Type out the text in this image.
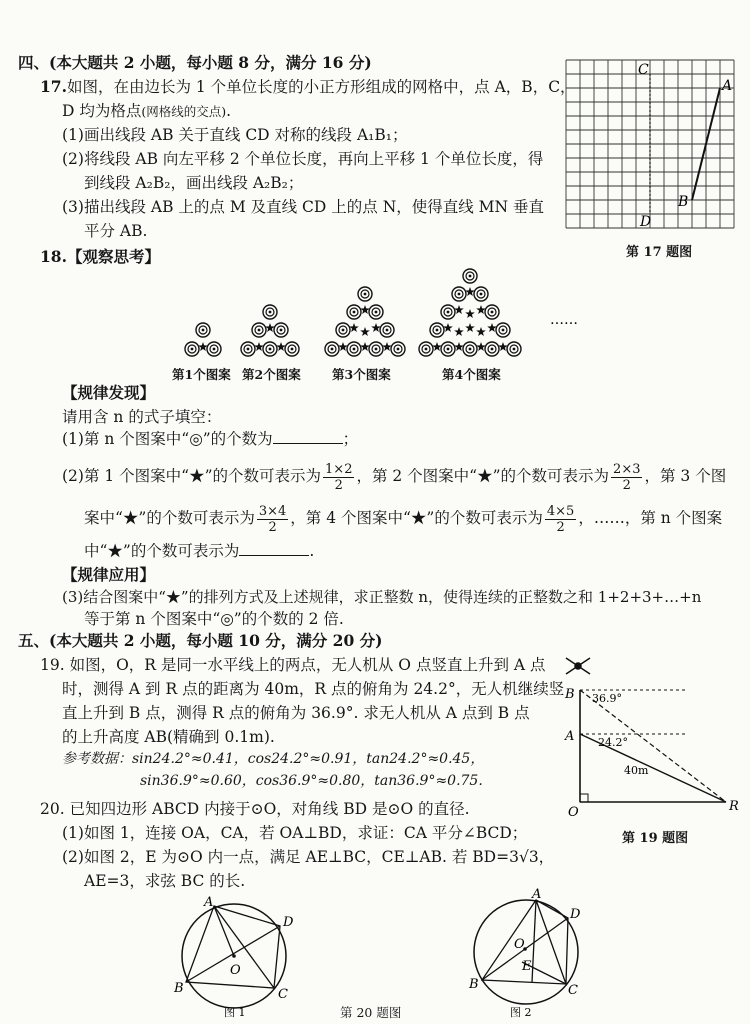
四、(本大题共 2 小题，每小题 8 分，满分 16 分)
17.如图，在由边长为 1 个单位长度的小正方形组成的网格中，点 A，B，C，
D 均为格点(网格线的交点).
(1)画出线段 AB 关于直线 CD 对称的线段 A₁B₁；
(2)将线段 AB 向左平移 2 个单位长度，再向上平移 1 个单位长度，得
到线段 A₂B₂，画出线段 A₂B₂；
(3)描出线段 AB 上的点 M 及直线 CD 上的点 N，使得直线 MN 垂直
平分 AB.
C
A
B
D
第 17 题图
18.【观察思考】
……
第1个图案 第2个图案	第3个图案	第4个图案
【规律发现】
请用含 n 的式子填空：
(1)第 n 个图案中“◎”的个数为	；
(2)第 1 个图案中“★”的个数可表示为 $\frac{1\times 2}{2}$ ，第 2 个图案中“★”的个数可表示为 $\frac{2\times 3}{2}$ ，第 3 个图
案中“★”的个数可表示为 $\frac{3\times 4}{2}$ ，第 4 个图案中“★”的个数可表示为 $\frac{4\times 5}{2}$ ，……，第 n 个图案
中“★”的个数可表示为	.
【规律应用】
(3)结合图案中“★”的排列方式及上述规律，求正整数 n，使得连续的正整数之和 1+2+3+…+n
等于第 n 个图案中“◎”的个数的 2 倍.
五、(本大题共 2 小题，每小题 10 分，满分 20 分)
19. 如图，O，R 是同一水平线上的两点，无人机从 O 点竖直上升到 A 点
时，测得 A 到 R 点的距离为 40m，R 点的俯角为 24.2°，无人机继续竖
直上升到 B 点，测得 R 点的俯角为 36.9°. 求无人机从 A 点到 B 点
的上升高度 AB(精确到 0.1m).
参考数据：sin24.2°≈0.41，cos24.2°≈0.91，tan24.2°≈0.45，
sin36.9°≈0.60，cos36.9°≈0.80，tan36.9°≈0.75.
B
A
O	R
36.9°
24.2°
40m
第 19 题图
20. 已知四边形 ABCD 内接于⊙O，对角线 BD 是⊙O 的直径.
(1)如图 1，连接 OA，CA，若 OA⊥BD，求证：CA 平分∠BCD；
(2)如图 2，E 为⊙O 内一点，满足 AE⊥BC，CE⊥AB. 若 BD=3√3，
AE=3，求弦 BC 的长.
A
D
O
B	C
图 1	第 20 题图
A
D
O
E
B	C
图 2
